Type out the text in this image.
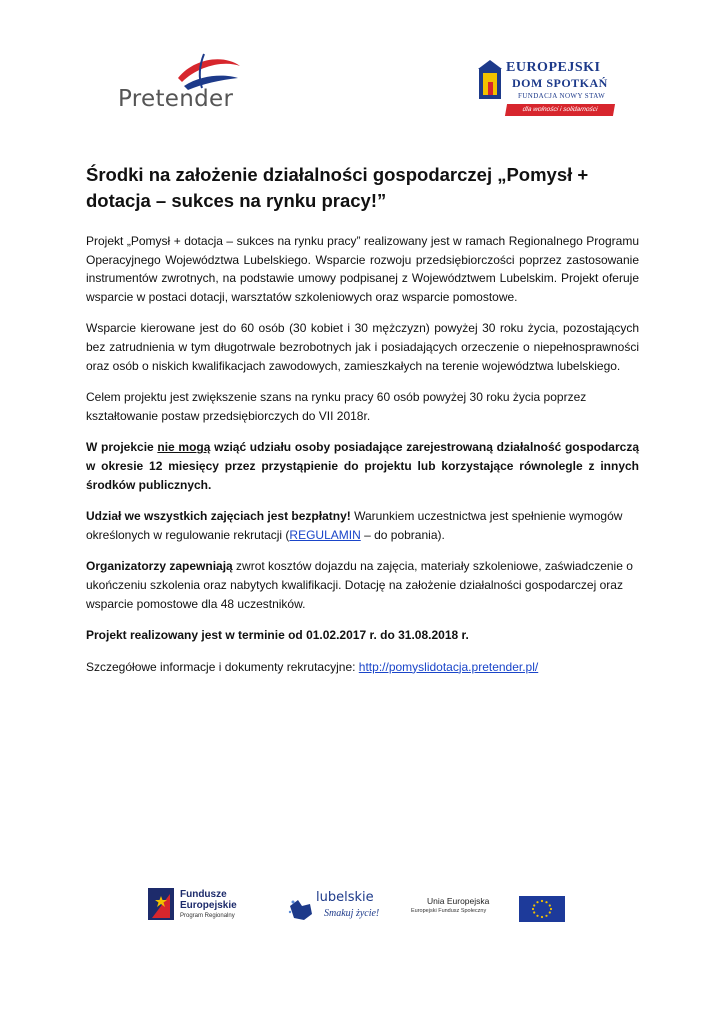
Pretender
EUROPEJSKI
DOM SPOTKAŃ
FUNDACJA NOWY STAW
dla wolności i solidarności
Środki na założenie działalności gospodarczej „Pomysł + dotacja – sukces na rynku pracy!”

Projekt „Pomysł + dotacja – sukces na rynku pracy” realizowany jest w ramach Regionalnego Programu Operacyjnego Województwa Lubelskiego. Wsparcie rozwoju przedsiębiorczości poprzez zastosowanie instrumentów zwrotnych, na podstawie umowy podpisanej z Województwem Lubelskim. Projekt oferuje wsparcie w postaci dotacji, warsztatów szkoleniowych oraz wsparcie pomostowe.

Wsparcie kierowane jest do 60 osób (30 kobiet i 30 mężczyzn) powyżej 30 roku życia, pozostających bez zatrudnienia w tym długotrwale bezrobotnych jak i posiadających orzeczenie o niepełnosprawności oraz osób o niskich kwalifikacjach zawodowych, zamieszkałych na terenie województwa lubelskiego.

Celem projektu jest zwiększenie szans na rynku pracy 60 osób powyżej 30 roku życia poprzez kształtowanie postaw przedsiębiorczych do VII 2018r.

W projekcie nie mogą wziąć udziału osoby posiadające zarejestrowaną działalność gospodarczą w okresie 12 miesięcy przez przystąpienie do projektu lub korzystające równolegle z innych środków publicznych.

Udział we wszystkich zajęciach jest bezpłatny! Warunkiem uczestnictwa jest spełnienie wymogów określonych w regulowanie rekrutacji (REGULAMIN – do pobrania).

Organizatorzy zapewniają zwrot kosztów dojazdu na zajęcia, materiały szkoleniowe, zaświadczenie o ukończeniu szkolenia oraz nabytych kwalifikacji. Dotację na założenie działalności gospodarczej oraz wsparcie pomostowe dla 48 uczestników.

Projekt realizowany jest w terminie od 01.02.2017 r. do 31.08.2018 r.

Szczegółowe informacje i dokumenty rekrutacyjne: http://pomyslidotacja.pretender.pl/

Fundusze
Europejskie
Program Regionalny
lubelskie
Smakuj życie!
Unia Europejska
Europejski Fundusz Społeczny
